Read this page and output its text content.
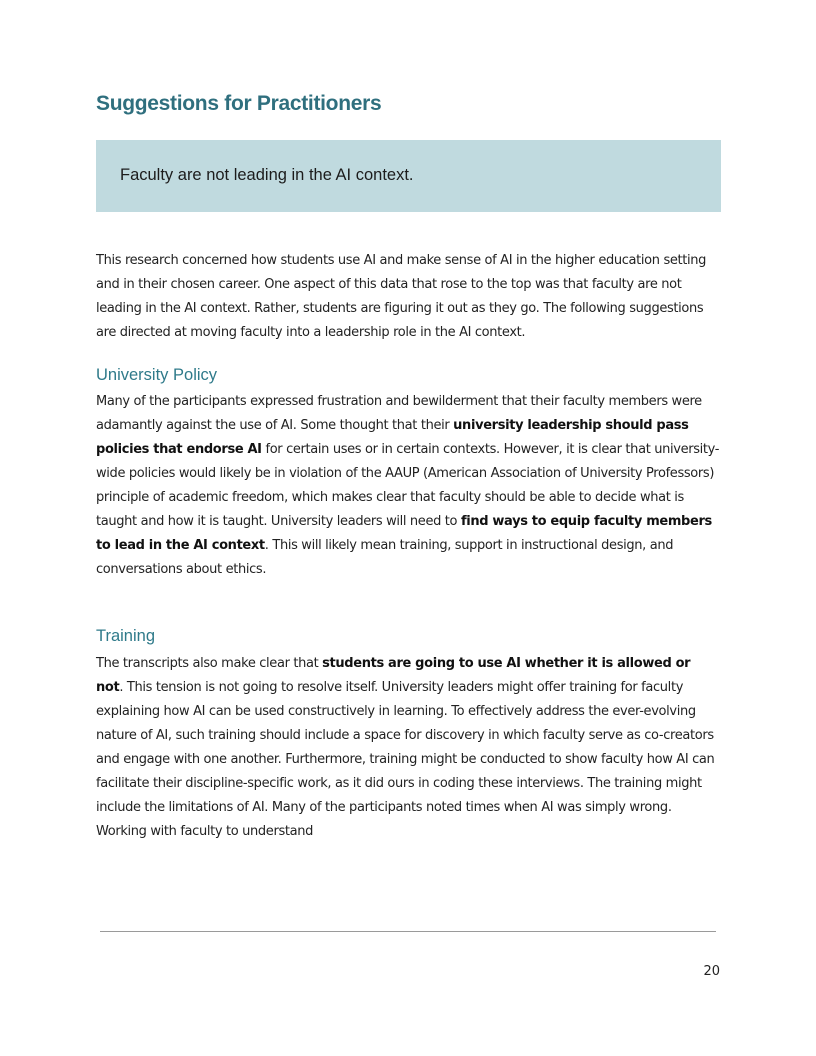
Suggestions for Practitioners
Faculty are not leading in the AI context.

This research concerned how students use AI and make sense of AI in the higher education setting and in their chosen career. One aspect of this data that rose to the top was that faculty are not leading in the AI context. Rather, students are figuring it out as they go. The following suggestions are directed at moving faculty into a leadership role in the AI context.

University Policy

Many of the participants expressed frustration and bewilderment that their faculty members were adamantly against the use of AI. Some thought that their university leadership should pass policies that endorse AI for certain uses or in certain contexts. However, it is clear that university-wide policies would likely be in violation of the AAUP (American Association of University Professors) principle of academic freedom, which makes clear that faculty should be able to decide what is taught and how it is taught. University leaders will need to find ways to equip faculty members to lead in the AI context. This will likely mean training, support in instructional design, and conversations about ethics.

Training

The transcripts also make clear that students are going to use AI whether it is allowed or not. This tension is not going to resolve itself. University leaders might offer training for faculty explaining how AI can be used constructively in learning. To effectively address the ever-evolving nature of AI, such training should include a space for discovery in which faculty serve as co-creators and engage with one another. Furthermore, training might be conducted to show faculty how AI can facilitate their discipline-specific work, as it did ours in coding these interviews. The training might include the limitations of AI. Many of the participants noted times when AI was simply wrong. Working with faculty to understand

20
